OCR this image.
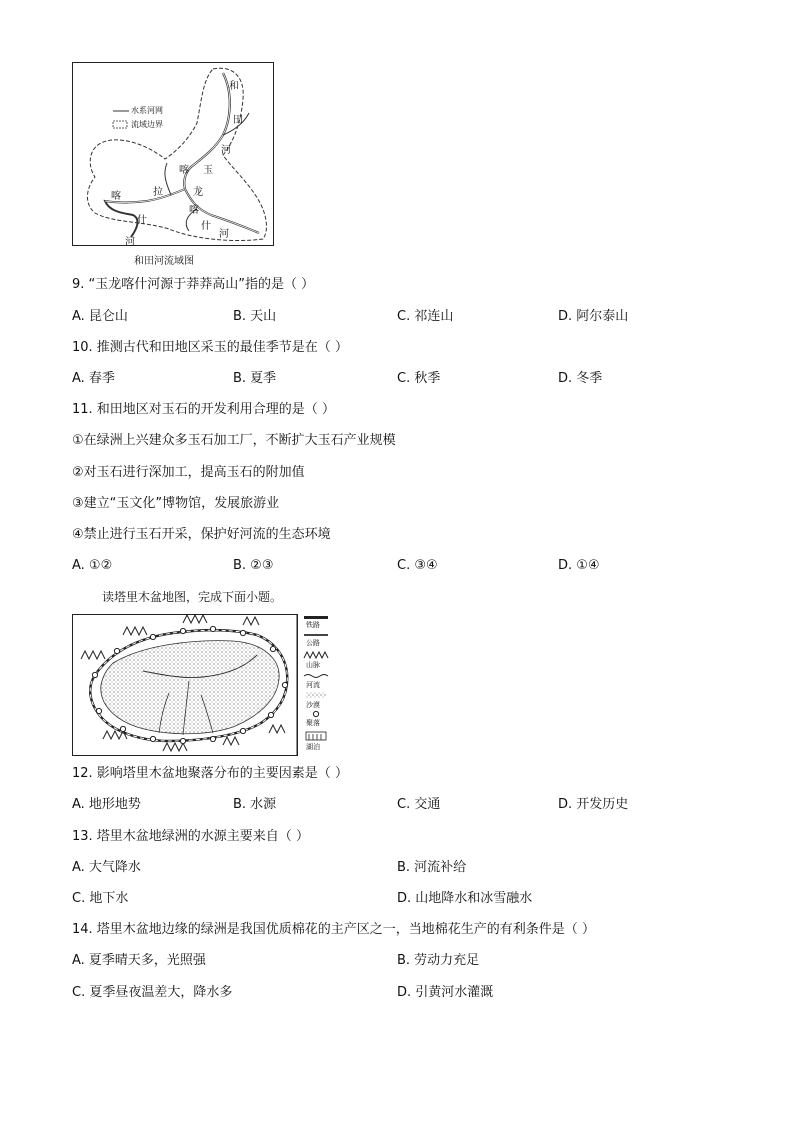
水系河网
流域边界
和
田
河
喀 玉
喀	拉	龙
喀
什
什
河
河
和田河流域图
9. “玉龙喀什河源于莽莽高山”指的是（ ）
A. 昆仑山	B. 天山	C. 祁连山	D. 阿尔泰山
10. 推测古代和田地区采玉的最佳季节是在（ ）
A. 春季	B. 夏季	C. 秋季	D. 冬季
11. 和田地区对玉石的开发利用合理的是（ ）
①在绿洲上兴建众多玉石加工厂，不断扩大玉石产业规模
②对玉石进行深加工，提高玉石的附加值
③建立“玉文化”博物馆，发展旅游业
④禁止进行玉石开采，保护好河流的生态环境
A. ①②	B. ②③	C. ③④	D. ①④
读塔里木盆地图，完成下面小题。
铁路
公路
山脉
河流
沙漠
聚落
湖泊
12. 影响塔里木盆地聚落分布的主要因素是（ ）
A. 地形地势	B. 水源	C. 交通	D. 开发历史
13. 塔里木盆地绿洲的水源主要来自（ ）
A. 大气降水	B. 河流补给
C. 地下水	D. 山地降水和冰雪融水
14. 塔里木盆地边缘的绿洲是我国优质棉花的主产区之一，当地棉花生产的有利条件是（ ）
A. 夏季晴天多，光照强	B. 劳动力充足
C. 夏季昼夜温差大，降水多	D. 引黄河水灌溉
